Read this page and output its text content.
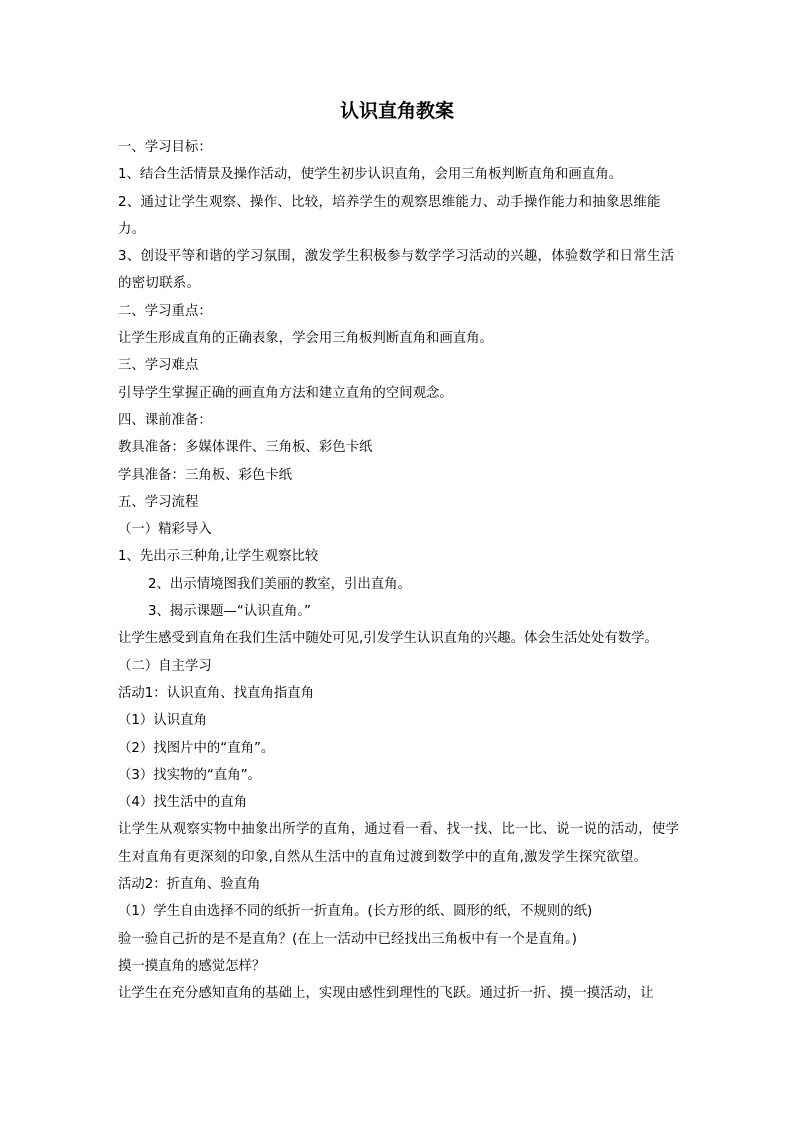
认识直角教案
一、学习目标：
1、结合生活情景及操作活动，使学生初步认识直角，会用三角板判断直角和画直角。
2、通过让学生观察、操作、比较，培养学生的观察思维能力、动手操作能力和抽象思维能力。
3、创设平等和谐的学习氛围，激发学生积极参与数学学习活动的兴趣，体验数学和日常生活的密切联系。
二、学习重点：
让学生形成直角的正确表象，学会用三角板判断直角和画直角。
三、学习难点
引导学生掌握正确的画直角方法和建立直角的空间观念。
四、课前准备：
教具准备：多媒体课件、三角板、彩色卡纸
学具准备：三角板、彩色卡纸
五、学习流程
（一）精彩导入
1、先出示三种角,让学生观察比较
2、出示情境图我们美丽的教室，引出直角。
3、揭示课题—“认识直角。”
让学生感受到直角在我们生活中随处可见,引发学生认识直角的兴趣。体会生活处处有数学。
（二）自主学习
活动1：认识直角、找直角指直角
（1）认识直角
（2）找图片中的“直角”。
（3）找实物的“直角”。
（4）找生活中的直角
让学生从观察实物中抽象出所学的直角，通过看一看、找一找、比一比、说一说的活动，使学生对直角有更深刻的印象,自然从生活中的直角过渡到数学中的直角,激发学生探究欲望。
活动2：折直角、验直角
（1）学生自由选择不同的纸折一折直角。(长方形的纸、圆形的纸，不规则的纸)
验一验自己折的是不是直角？(在上一活动中已经找出三角板中有一个是直角。)
摸一摸直角的感觉怎样？
让学生在充分感知直角的基础上，实现由感性到理性的飞跃。通过折一折、摸一摸活动，让
